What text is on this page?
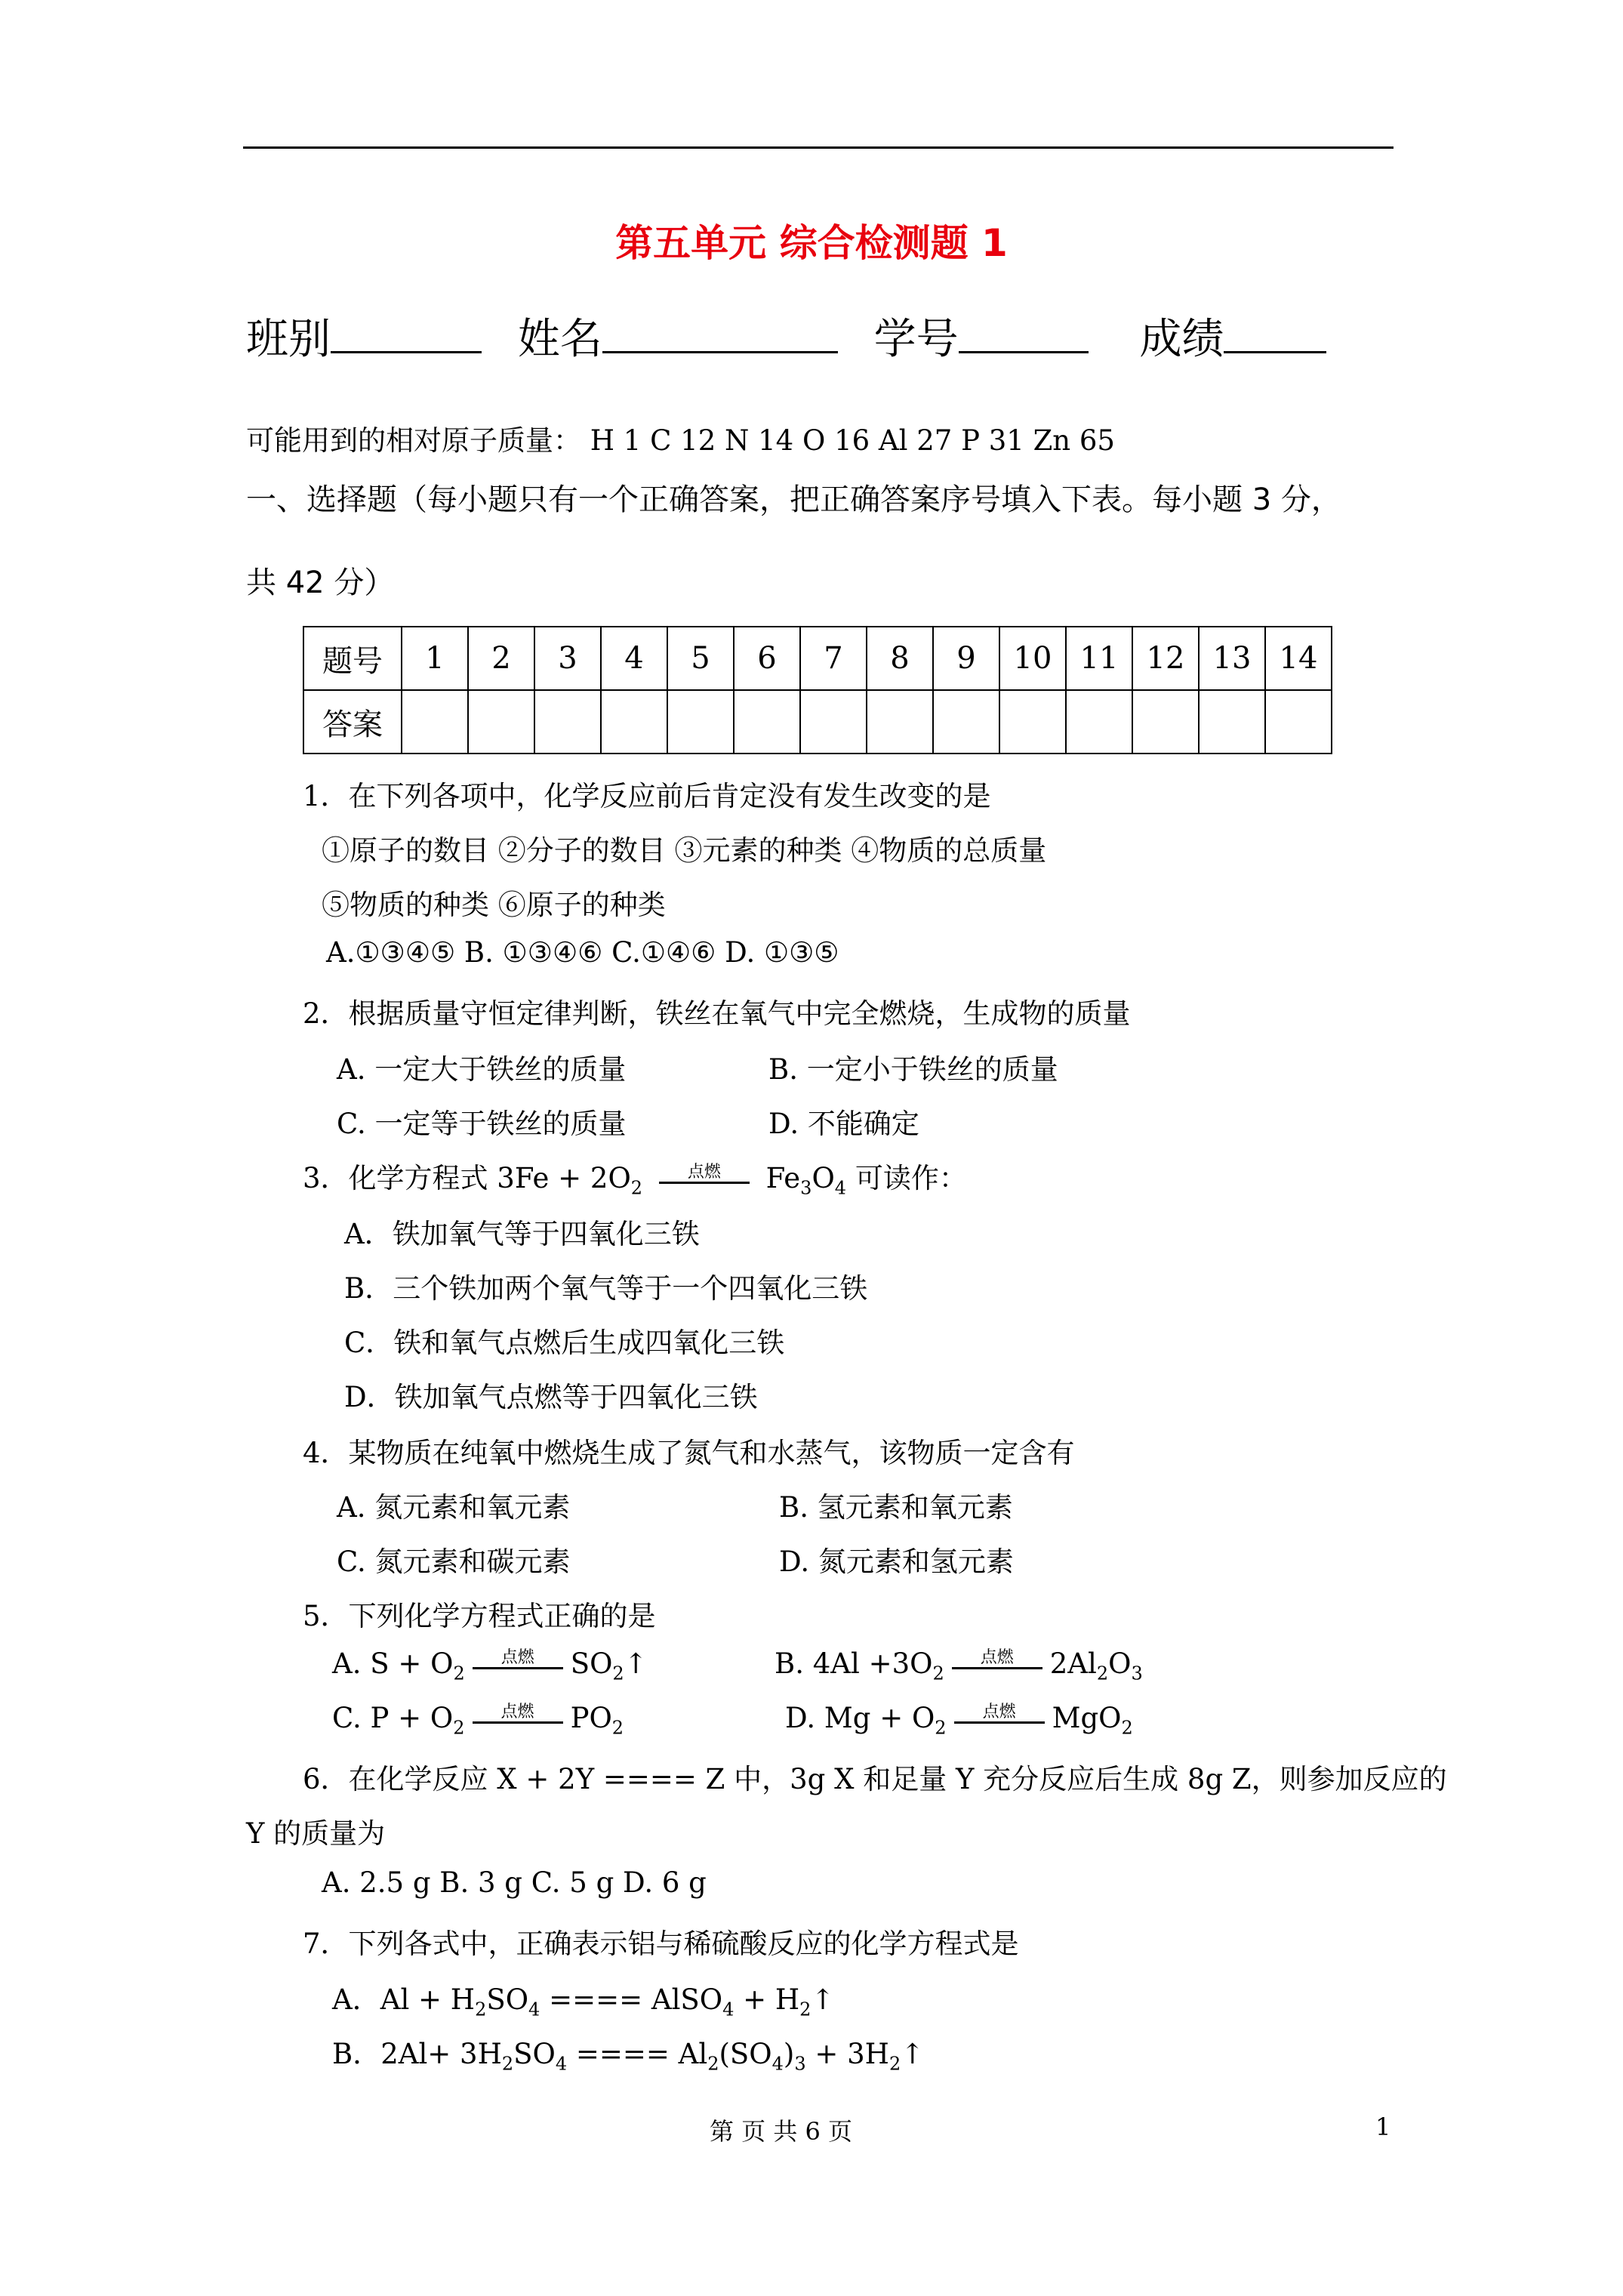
第五单元 综合检测题 1
班别	姓名	学号	成绩
可能用到的相对原子质量： H 1 C 12 N 14 O 16 Al 27 P 31 Zn 65
一、选择题（每小题只有一个正确答案，把正确答案序号填入下表。每小题 3 分，
共 42 分）
题号	1	2	3	4	5	6	7	8	9	10	11	12	13	14
答案														
1．在下列各项中，化学反应前后肯定没有发生改变的是
①原子的数目 ②分子的数目 ③元素的种类 ④物质的总质量
⑤物质的种类 ⑥原子的种类
A.①③④⑤ B. ①③④⑥ C.①④⑥ D. ①③⑤
2．根据质量守恒定律判断，铁丝在氧气中完全燃烧，生成物的质量
A. 一定大于铁丝的质量	B. 一定小于铁丝的质量
C. 一定等于铁丝的质量	D. 不能确定
3．化学方程式 $3Fe + 2O_2$
点燃	$Fe_3O_4$ 可读作：
A．铁加氧气等于四氧化三铁
B．三个铁加两个氧气等于一个四氧化三铁
C．铁和氧气点燃后生成四氧化三铁
D．铁加氧气点燃等于四氧化三铁
4．某物质在纯氧中燃烧生成了氮气和水蒸气，该物质一定含有
A. 氮元素和氧元素	B. 氢元素和氧元素
C. 氮元素和碳元素	D. 氮元素和氢元素
5．下列化学方程式正确的是
A. $S + O_2$
点燃	$SO_2↑$	B. $4Al +3O_2$
点燃	$2Al_2O_3$
C. $P + O_2$
点燃	$PO_2$	D. $Mg + O_2$
点燃	MgO$_2$
6．在化学反应 X + 2Y ==== Z 中，3g X 和足量 Y 充分反应后生成 8g Z，则参加反应的
Y 的质量为
A. 2.5 g B. 3 g C. 5 g D. 6 g
7．下列各式中，正确表示铝与稀硫酸反应的化学方程式是
A．$Al + H_2SO_4$ ==== AlSO$_4$ + $H_2↑$
B．$2Al+ 3H_2SO_4$ ==== $Al_2(SO_4)_3$ + $3H_2↑$
第 页 共 6 页	1
